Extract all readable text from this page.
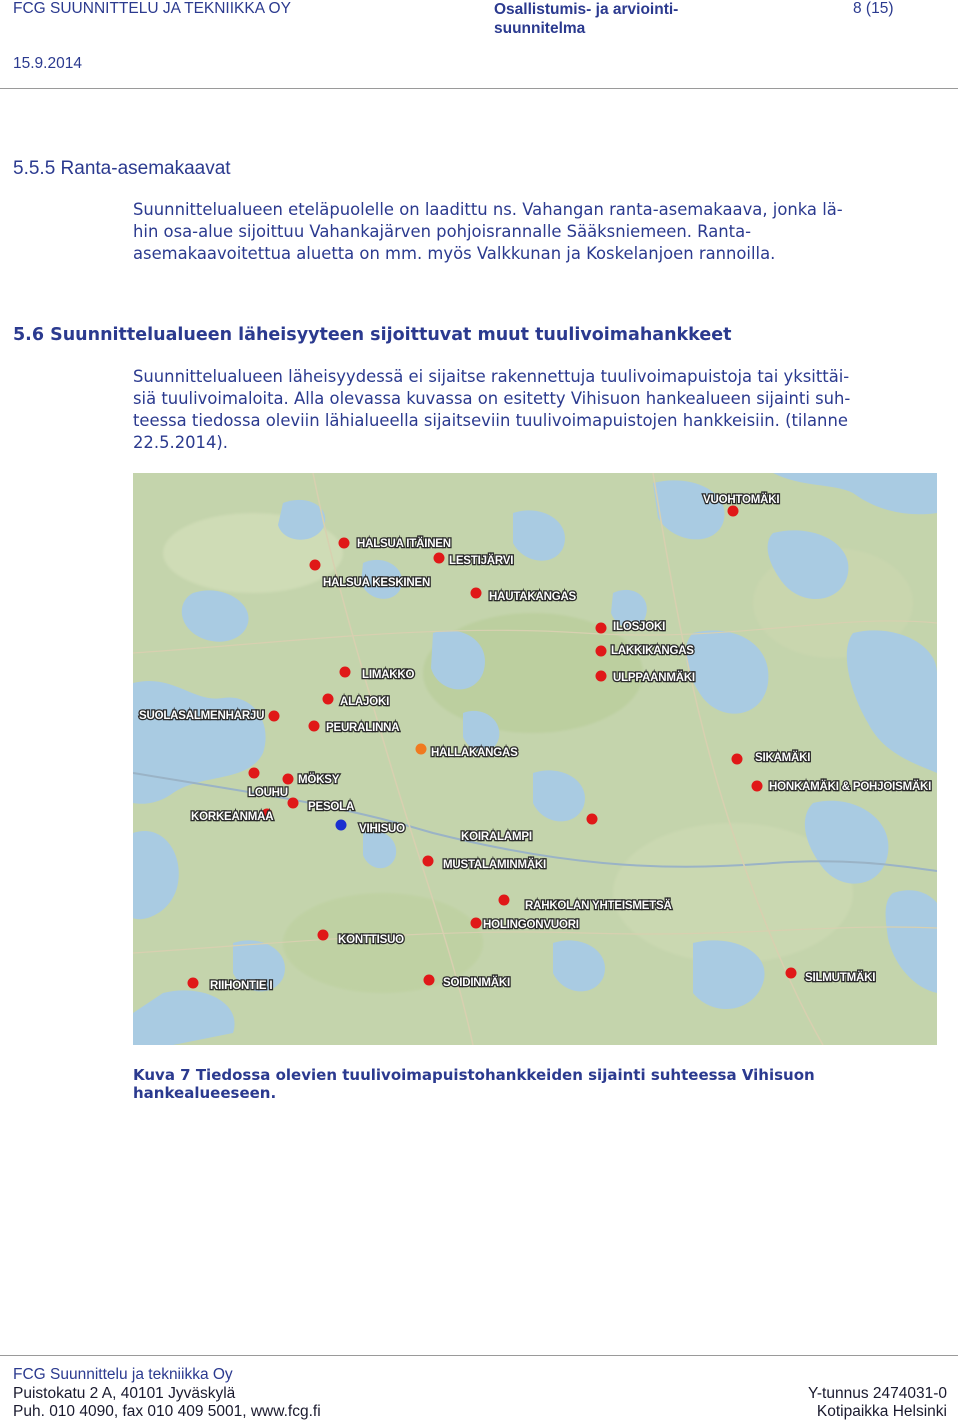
FCG SUUNNITTELU JA TEKNIIKKA OY
15.9.2014
Osallistumis- ja arviointi-
suunnitelma
8 (15)
5.5.5 Ranta-asemakaavat
Suunnittelualueen eteläpuolelle on laadittu ns. Vahangan ranta-asemakaava, jonka lä-
hin osa-alue sijoittuu Vahankajärven pohjoisrannalle Sääksniemeen. Ranta-
asemakaavoitettua aluetta on mm. myös Valkkunan ja Koskelanjoen rannoilla.
5.6 Suunnittelualueen läheisyyteen sijoittuvat muut tuulivoimahankkeet
Suunnittelualueen läheisyydessä ei sijaitse rakennettuja tuulivoimapuistoja tai yksittäi-
siä tuulivoimaloita. Alla olevassa kuvassa on esitetty Vihisuon hankealueen sijainti suh-
teessa tiedossa oleviin lähialueella sijaitseviin tuulivoimapuistojen hankkeisiin. (tilanne
22.5.2014).
VUOHTOMÄKI
HALSUA ITÄINEN
LESTIJÄRVI
HALSUA KESKINEN
HAUTAKANGAS
ILOSJOKI
LAKKIKANGAS
ULPPAANMÄKI
LIMAKKO
ALAJOKI
SUOLASALMENHARJU
PEURALINNA
HALLAKANGAS	SIKAMÄKI
MÖKSY
LOUHU	HONKAMÄKI & POHJOISMÄKI
PESOLA
KORKEANMAA
VIHISUO
KOIRALAMPI
MUSTALAMINMÄKI
RAHKOLAN YHTEISMETSÄ
HOLINGONVUORI
KONTTISUO
SILMUTMÄKI
RIIHONTIE I	SOIDINMÄKI
Kuva 7 Tiedossa olevien tuulivoimapuistohankkeiden sijainti suhteessa Vihisuon hankealueeseen.
FCG Suunnittelu ja tekniikka Oy
Puistokatu 2 A, 40101 Jyväskylä
Puh. 010 4090, fax 010 409 5001, www.fcg.fi
Y-tunnus 2474031-0
Kotipaikka Helsinki
